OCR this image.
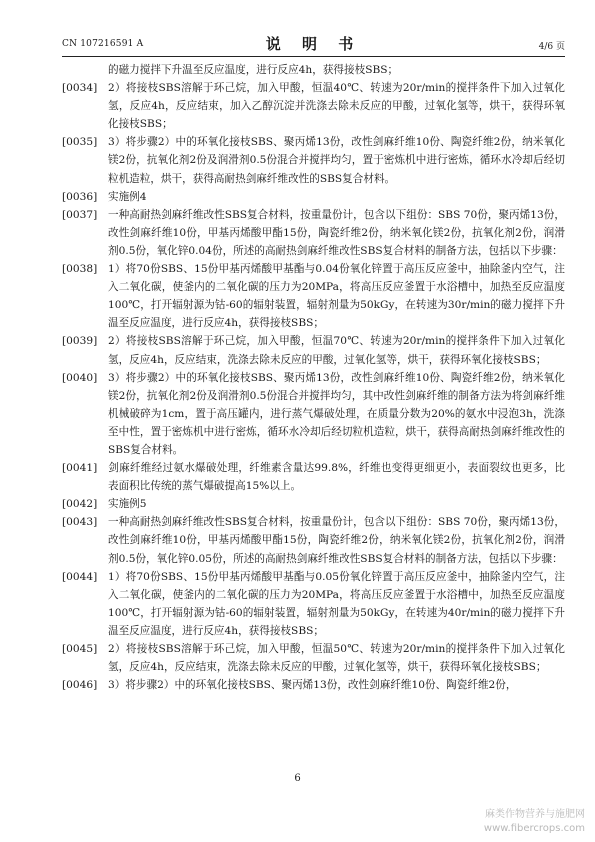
CN 107216591 A	说 明 书	4/6 页

的磁力搅拌下升温至反应温度，进行反应4h，获得接枝SBS；

[0034] 2）将接枝SBS溶解于环己烷，加入甲酸，恒温40℃、转速为20r/min的搅拌条件下加入过氧化氢，反应4h，反应结束，加入乙醇沉淀并洗涤去除未反应的甲酸，过氧化氢等，烘干，获得环氧化接枝SBS；

[0035] 3）将步骤2）中的环氧化接枝SBS、聚丙烯13份，改性剑麻纤维10份、陶瓷纤维2份，纳米氧化镁2份，抗氧化剂2份及润滑剂0.5份混合并搅拌均匀，置于密炼机中进行密炼，循环水冷却后经切粒机造粒，烘干，获得高耐热剑麻纤维改性的SBS复合材料。

[0036] 实施例4

[0037] 一种高耐热剑麻纤维改性SBS复合材料，按重量份计，包含以下组份：SBS 70份，聚丙烯13份，改性剑麻纤维10份，甲基丙烯酸甲酯15份，陶瓷纤维2份，纳米氧化镁2份，抗氧化剂2份，润滑剂0.5份，氧化锌0.04份，所述的高耐热剑麻纤维改性SBS复合材料的制备方法，包括以下步骤：

[0038] 1）将70份SBS、15份甲基丙烯酸甲基酯与0.04份氧化锌置于高压反应釜中，抽除釜内空气，注入二氧化碳，使釜内的二氧化碳的压力为20MPa，将高压反应釜置于水浴槽中，加热至反应温度100℃，打开辐射源为钴-60的辐射装置，辐射剂量为50kGy，在转速为30r/min的磁力搅拌下升温至反应温度，进行反应4h，获得接枝SBS；

[0039] 2）将接枝SBS溶解于环己烷，加入甲酸，恒温70℃、转速为20r/min的搅拌条件下加入过氧化氢，反应4h，反应结束，洗涤去除未反应的甲酸，过氧化氢等，烘干，获得环氧化接枝SBS；

[0040] 3）将步骤2）中的环氧化接枝SBS、聚丙烯13份，改性剑麻纤维10份、陶瓷纤维2份，纳米氧化镁2份，抗氧化剂2份及润滑剂0.5份混合并搅拌均匀，其中改性剑麻纤维的制备方法为将剑麻纤维机械破碎为1cm，置于高压罐内，进行蒸气爆破处理，在质量分数为20%的氨水中浸泡3h，洗涤至中性，置于密炼机中进行密炼，循环水冷却后经切粒机造粒，烘干，获得高耐热剑麻纤维改性的SBS复合材料。

[0041] 剑麻纤维经过氨水爆破处理，纤维素含量达99.8%，纤维也变得更细更小，表面裂纹也更多，比表面积比传统的蒸气爆破提高15%以上。

[0042] 实施例5

[0043] 一种高耐热剑麻纤维改性SBS复合材料，按重量份计，包含以下组份：SBS 70份，聚丙烯13份，改性剑麻纤维10份，甲基丙烯酸甲酯15份，陶瓷纤维2份，纳米氧化镁2份，抗氧化剂2份，润滑剂0.5份，氧化锌0.05份，所述的高耐热剑麻纤维改性SBS复合材料的制备方法，包括以下步骤：

[0044] 1）将70份SBS、15份甲基丙烯酸甲基酯与0.05份氧化锌置于高压反应釜中，抽除釜内空气，注入二氧化碳，使釜内的二氧化碳的压力为20MPa，将高压反应釜置于水浴槽中，加热至反应温度100℃，打开辐射源为钴-60的辐射装置，辐射剂量为50kGy，在转速为40r/min的磁力搅拌下升温至反应温度，进行反应4h，获得接枝SBS；

[0045] 2）将接枝SBS溶解于环己烷，加入甲酸，恒温50℃、转速为20r/min的搅拌条件下加入过氧化氢，反应4h，反应结束，洗涤去除未反应的甲酸，过氧化氢等，烘干，获得环氧化接枝SBS；

[0046] 3）将步骤2）中的环氧化接枝SBS、聚丙烯13份，改性剑麻纤维10份、陶瓷纤维2份，

6
麻类作物营养与施肥网
www.fibercrops.com
